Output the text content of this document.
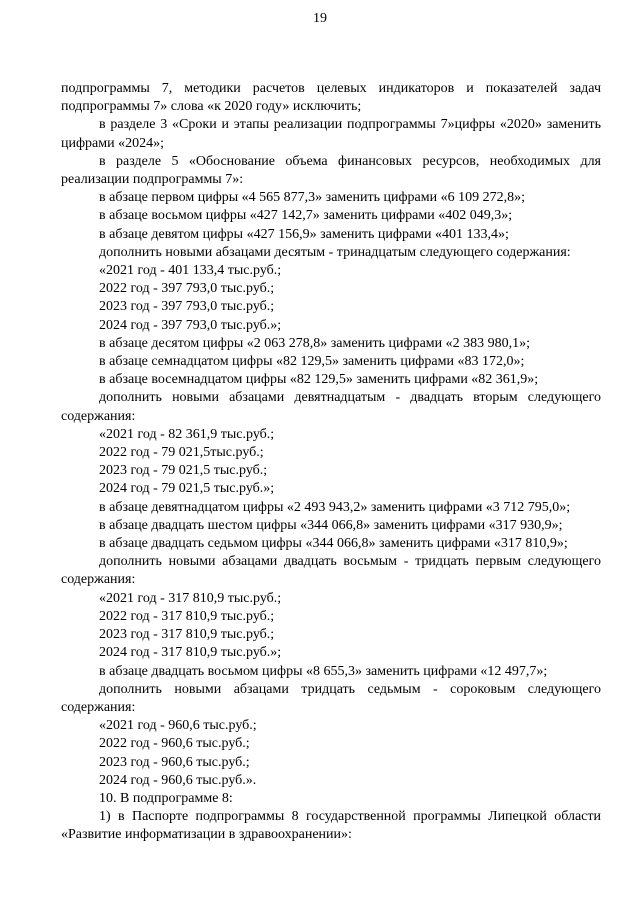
19
подпрограммы 7, методики расчетов целевых индикаторов и показателей задач подпрограммы 7» слова «к 2020 году» исключить;
в разделе 3 «Сроки и этапы реализации подпрограммы 7»цифры «2020» заменить цифрами «2024»;
в разделе 5 «Обоснование объема финансовых ресурсов, необходимых для реализации подпрограммы 7»:
в абзаце первом цифры «4 565 877,3» заменить цифрами «6 109 272,8»;
в абзаце восьмом цифры «427 142,7» заменить цифрами «402 049,3»;
в абзаце девятом цифры «427 156,9» заменить цифрами «401 133,4»;
дополнить новыми абзацами десятым - тринадцатым следующего содержания:
«2021 год - 401 133,4 тыс.руб.;
2022 год - 397 793,0 тыс.руб.;
2023 год - 397 793,0 тыс.руб.;
2024 год - 397 793,0 тыс.руб.»;
в абзаце десятом цифры «2 063 278,8» заменить цифрами «2 383 980,1»;
в абзаце семнадцатом цифры «82 129,5» заменить цифрами «83 172,0»;
в абзаце восемнадцатом цифры «82 129,5» заменить цифрами «82 361,9»;
дополнить новыми абзацами девятнадцатым - двадцать вторым следующего содержания:
«2021 год - 82 361,9 тыс.руб.;
2022 год - 79 021,5тыс.руб.;
2023 год - 79 021,5 тыс.руб.;
2024 год - 79 021,5 тыс.руб.»;
в абзаце девятнадцатом цифры «2 493 943,2» заменить цифрами «3 712 795,0»;
в абзаце двадцать шестом цифры «344 066,8» заменить цифрами «317 930,9»;
в абзаце двадцать седьмом цифры «344 066,8» заменить цифрами «317 810,9»;
дополнить новыми абзацами двадцать восьмым - тридцать первым следующего содержания:
«2021 год - 317 810,9 тыс.руб.;
2022 год - 317 810,9 тыс.руб.;
2023 год - 317 810,9 тыс.руб.;
2024 год - 317 810,9 тыс.руб.»;
в абзаце двадцать восьмом цифры «8 655,3» заменить цифрами «12 497,7»;
дополнить новыми абзацами тридцать седьмым - сороковым следующего содержания:
«2021 год - 960,6 тыс.руб.;
2022 год - 960,6 тыс.руб.;
2023 год - 960,6 тыс.руб.;
2024 год - 960,6 тыс.руб.».
10. В подпрограмме 8:
1) в Паспорте подпрограммы 8 государственной программы Липецкой области «Развитие информатизации в здравоохранении»:
